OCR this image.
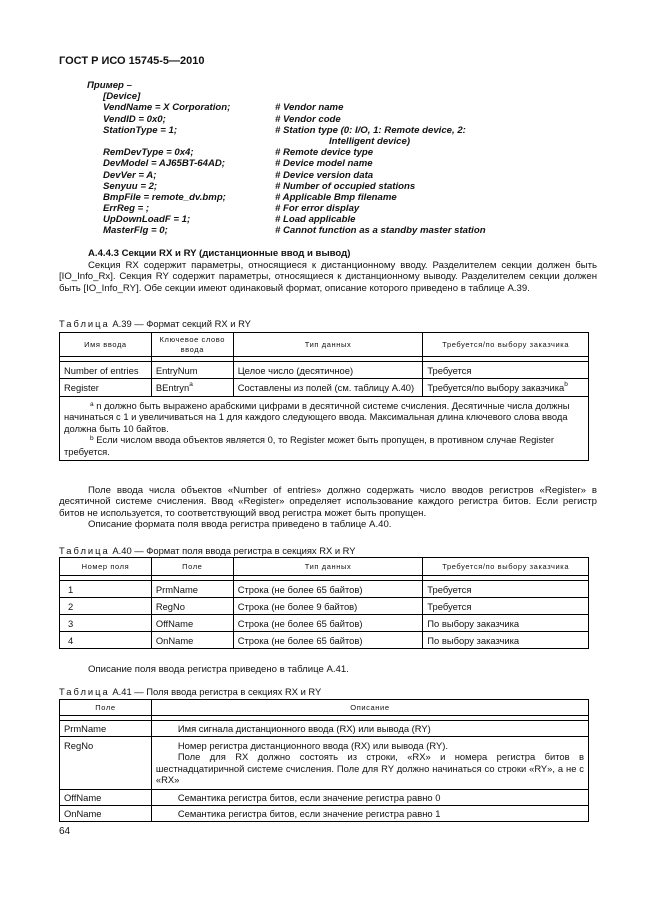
ГОСТ Р ИСО 15745-5—2010
Пример –
[Device]
VendName = X Corporation;	# Vendor name
VendID = 0x0;	# Vendor code
StationType = 1;	# Station type (0: I/O, 1: Remote device, 2:
Intelligent device)
RemDevType = 0x4;	# Remote device type
DevModel = AJ65BT-64AD;	# Device model name
DevVer = A;	# Device version data
Senyuu = 2;	# Number of occupied stations
BmpFile = remote_dv.bmp;	# Applicable Bmp filename
ErrReg = ;	# For error display
UpDownLoadF = 1;	# Load applicable
MasterFlg = 0;	# Cannot function as a standby master station
A.4.4.3 Секции RX и RY (дистанционные ввод и вывод)

Секция RX содержит параметры, относящиеся к дистанционному вводу. Разделителем секции должен быть [IO_Info_Rx]. Секция RY содержит параметры, относящиеся к дистанционному выводу. Разделителем секции должен быть [IO_Info_RY]. Обе секции имеют одинаковый формат, описание которого приведено в таблице А.39.

Таблица А.39 — Формат секций RX и RY
Имя ввода	Ключевое слово ввода	Тип данных	Требуется/по выбору заказчика

Number of entries	EntryNum	Целое число (десятичное)	Требуется
Register	BEntryn$^a$	Составлены из полей (см. таблицу А.40)	Требуется/по выбору заказчика$^b$

$^a$ n должно быть выражено арабскими цифрами в десятичной системе счисления. Десятичные числа должны начинаться с 1 и увеличиваться на 1 для каждого следующего ввода. Максимальная длина ключевого слова ввода должна быть 10 байтов.
$^b$ Если числом ввода объектов является 0, то Register может быть пропущен, в противном случае Register требуется.			

Поле ввода числа объектов «Number of entries» должно содержать число вводов регистров «Register» в десятичной системе счисления. Ввод «Register» определяет использование каждого регистра битов. Если регистр битов не используется, то соответствующий ввод регистра может быть пропущен.

Описание формата поля ввода регистра приведено в таблице А.40.

Таблица А.40 — Формат поля ввода регистра в секциях RX и RY
Номер поля	Поле	Тип данных	Требуется/по выбору заказчика

1	PrmName	Строка (не более 65 байтов)	Требуется
2	RegNo	Строка (не более 9 байтов)	Требуется
3	OffName	Строка (не более 65 байтов)	По выбору заказчика
4	OnName	Строка (не более 65 байтов)	По выбору заказчика

Описание поля ввода регистра приведено в таблице А.41.

Таблица А.41 — Поля ввода регистра в секциях RX и RY
Поле	Описание

PrmName	Имя сигнала дистанционного ввода (RX) или вывода (RY)
RegNo	Номер регистра дистанционного ввода (RX) или вывода (RY).
Поле для RX должно состоять из строки, «RX» и номера регистра битов в шестнадцатиричной системе счисления. Поле для RY должно начинаться со строки «RY», а не с «RX»

OffName	Семантика регистра битов, если значение регистра равно 0
OnName	Семантика регистра битов, если значение регистра равно 1
64
